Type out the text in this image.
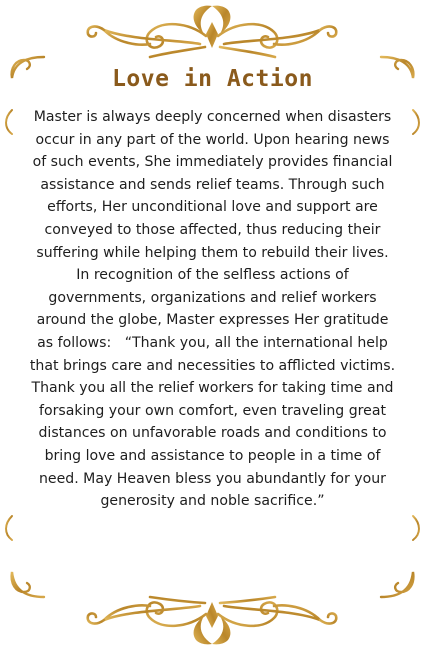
Love in Action

Master is always deeply concerned when disasters occur in any part of the world. Upon hearing news of such events, She immediately provides financial assistance and sends relief teams. Through such efforts, Her unconditional love and support are conveyed to those affected, thus reducing their suffering while helping them to rebuild their lives.

In recognition of the selfless actions of governments, organizations and relief workers around the globe, Master expresses Her gratitude as follows:   “Thank you, all the international help that brings care and necessities to afflicted victims. Thank you all the relief workers for taking time and forsaking your own comfort, even traveling great distances on unfavorable roads and conditions to bring love and assistance to people in a time of need. May Heaven bless you abundantly for your generosity and noble sacrifice.”
